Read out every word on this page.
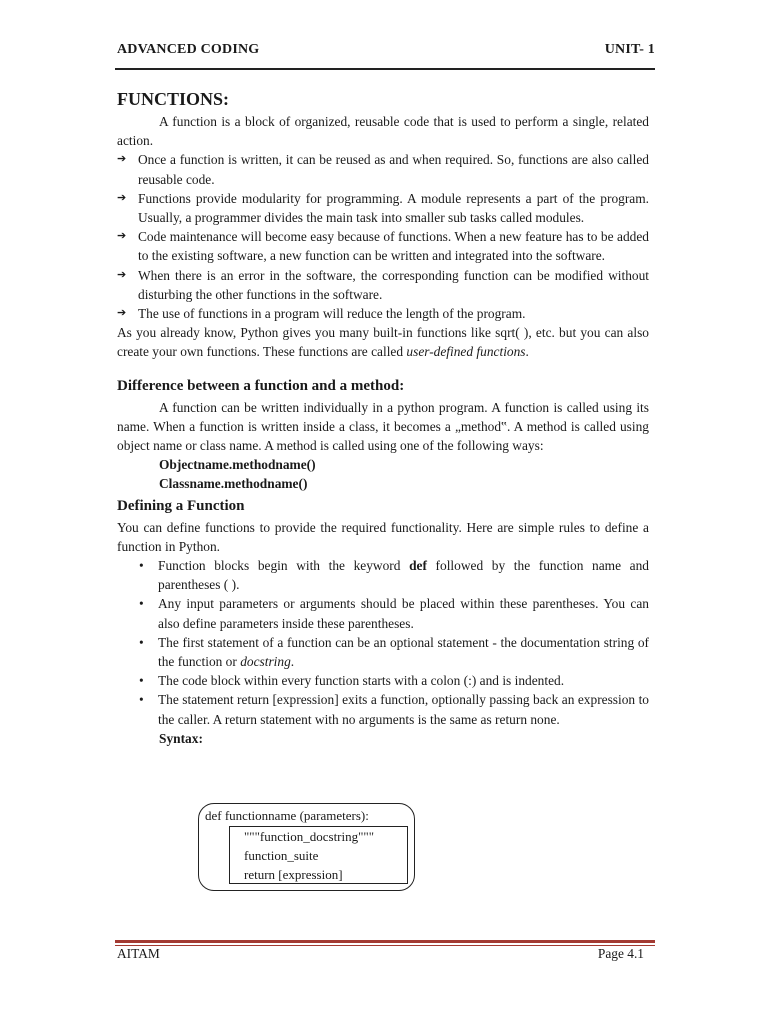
ADVANCED CODING	UNIT- 1
FUNCTIONS:

A function is a block of organized, reusable code that is used to perform a single, related action.

➔ Once a function is written, it can be reused as and when required. So, functions are also called reusable code.
➔ Functions provide modularity for programming. A module represents a part of the program. Usually, a programmer divides the main task into smaller sub tasks called modules.
➔ Code maintenance will become easy because of functions. When a new feature has to be added to the existing software, a new function can be written and integrated into the software.
➔ When there is an error in the software, the corresponding function can be modified without disturbing the other functions in the software.
➔ The use of functions in a program will reduce the length of the program.

As you already know, Python gives you many built-in functions like sqrt( ), etc. but you can also create your own functions. These functions are called user-defined functions.

Difference between a function and a method:

A function can be written individually in a python program. A function is called using its name. When a function is written inside a class, it becomes a „method‟. A method is called using object name or class name. A method is called using one of the following ways:

Objectname.methodname()
Classname.methodname()
Defining a Function

You can define functions to provide the required functionality. Here are simple rules to define a function in Python.

• Function blocks begin with the keyword def followed by the function name and parentheses ( ).
• Any input parameters or arguments should be placed within these parentheses. You can also define parameters inside these parentheses.
• The first statement of a function can be an optional statement - the documentation string of the function or docstring.
• The code block within every function starts with a colon (:) and is indented.
• The statement return [expression] exits a function, optionally passing back an expression to the caller. A return statement with no arguments is the same as return none.
Syntax:
def functionname (parameters):
"""function_docstring"""
function_suite
return [expression]
AITAM	Page 4.1
